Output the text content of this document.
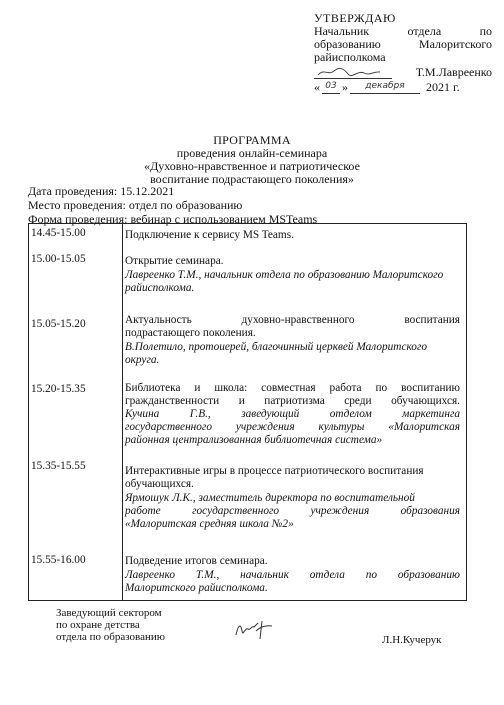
УТВЕРЖДАЮ
Начальник	отдела	по
образованию	Малоритского
райисполкома
Т.М.Лавреенко
« 03 »	декабря	2021 г.
ПРОГРАММА
проведения онлайн-семинара
«Духовно-нравственное и патриотическое
воспитание подрастающего поколения»
Дата проведения: 15.12.2021
Место проведения: отдел по образованию
Форма проведения: вебинар с использованием MSTeams
14.45-15.00	Подключение к сервису MS Teams.
15.00-15.05	Открытие семинара.
Лавреенко Т.М., начальник отдела по образованию Малоритского
райисполкома.
15.05-15.20	Актуальность духовно-нравственного воспитания
подрастающего поколения.
В.Полетило, протоиерей, благочинный церквей Малоритского
округа.
15.20-15.35	Библиотека и школа: совместная работа по воспитанию
гражданственности и патриотизма среди обучающихся.
Кучина Г.В., заведующий отделом маркетинга
государственного учреждения культуры «Малоритская
районная централизованная библиотечная система»
15.35-15.55	Интерактивные игры в процессе патриотического воспитания
обучающихся.
Ярмошук Л.К., заместитель директора по воспитательной
работе государственного учреждения образования
«Малоритская средняя школа №2»
15.55-16.00	Подведение итогов семинара.
Лавреенко Т.М., начальник отдела по образованию
Малоритского райисполкома.
Заведующий сектором
по охране детства
отдела по образованию	Л.Н.Кучерук
